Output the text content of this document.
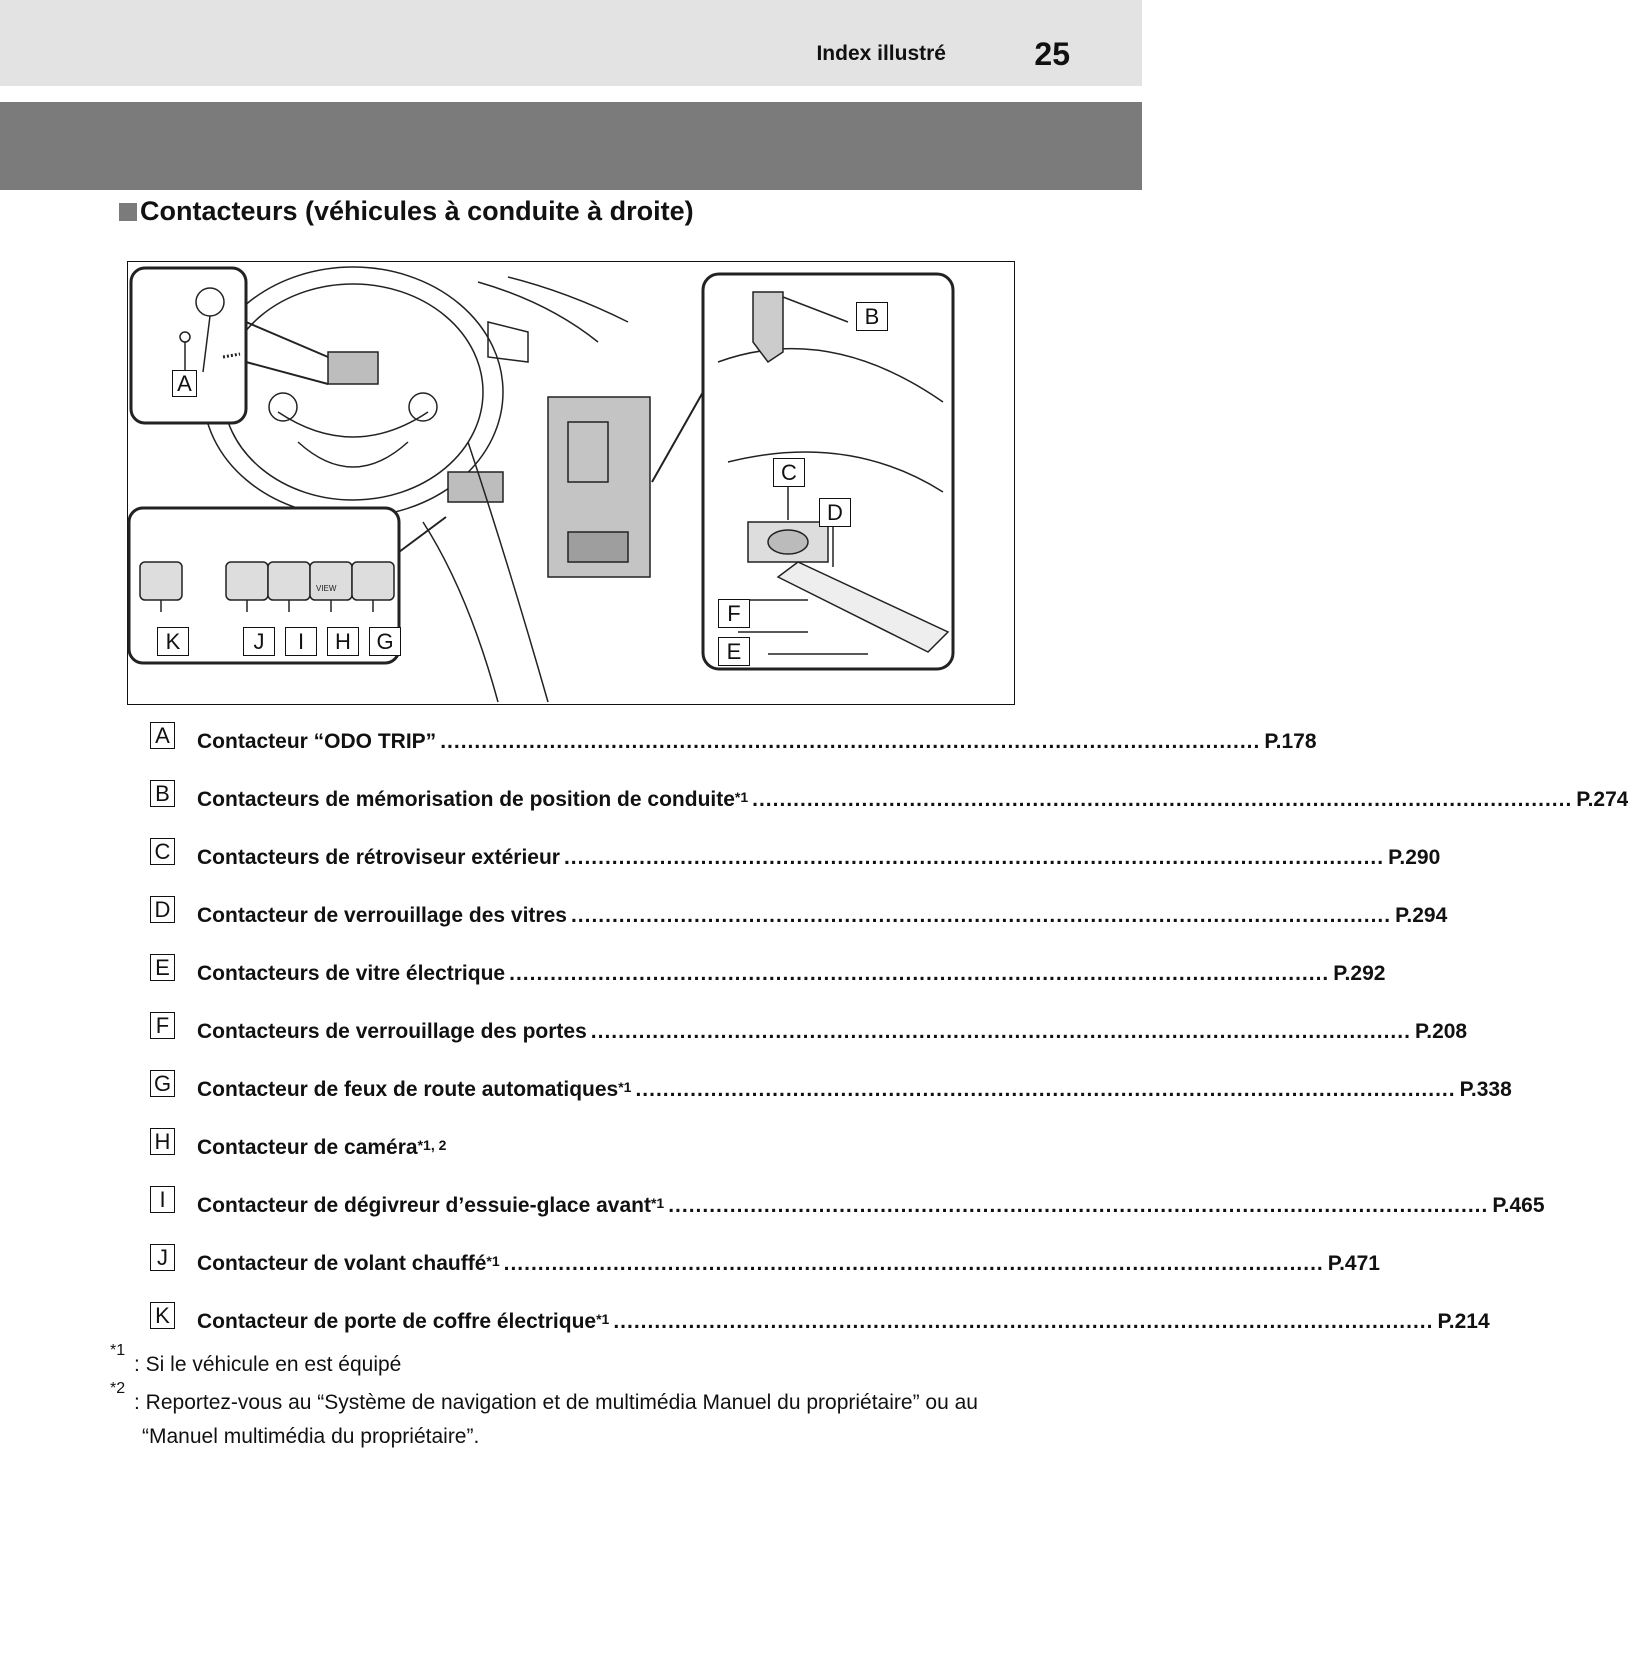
Index illustré	25
Contacteurs (véhicules à conduite à droite)
VIEW
A
B
C
D
E
F
G
H
I
J
K
A Contacteur “ODO TRIP” ........................................................................................................................ P.178
B Contacteurs de mémorisation de position de conduite$^{*1}$ ........................................................................................................................ P.274
C Contacteurs de rétroviseur extérieur ........................................................................................................................ P.290
D Contacteur de verrouillage des vitres ........................................................................................................................ P.294
E Contacteurs de vitre électrique ........................................................................................................................ P.292
F Contacteurs de verrouillage des portes ........................................................................................................................ P.208
G Contacteur de feux de route automatiques$^{*1}$ ........................................................................................................................ P.338
H Contacteur de caméra$^{*1, 2}$
I	Contacteur de dégivreur d’essuie-glace avant$^{*1}$ ........................................................................................................................ P.465
J	Contacteur de volant chauffé$^{*1}$ ........................................................................................................................ P.471
K Contacteur de porte de coffre électrique$^{*1}$ ........................................................................................................................ P.214
*1
: Si le véhicule en est équipé
*2
: Reportez-vous au “Système de navigation et de multimédia Manuel du propriétaire” ou au
“Manuel multimédia du propriétaire”.
